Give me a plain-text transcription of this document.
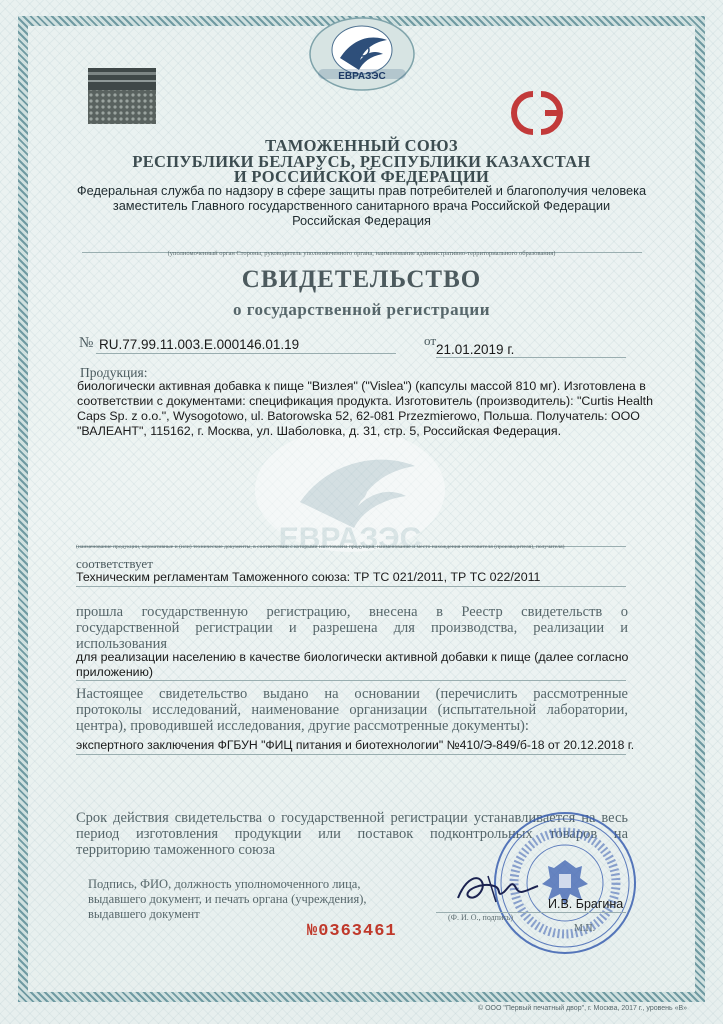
ЕВРАЗЭС
ТАМОЖЕННЫЙ СОЮЗ
РЕСПУБЛИКИ БЕЛАРУСЬ, РЕСПУБЛИКИ КАЗАХСТАН
И РОССИЙСКОЙ ФЕДЕРАЦИИ
Федеральная служба по надзору в сфере защиты прав потребителей и благополучия человека
заместитель Главного государственного санитарного врача Российской Федерации
Российская Федерация
(уполномоченный орган Стороны, руководитель уполномоченного органа, наименование административно-территориального образования)
СВИДЕТЕЛЬСТВО
о государственной регистрации
№ RU.77.99.11.003.E.000146.01.19	от
21.01.2019 г.
ЕВРАЗЭС
Продукция:
биологически активная добавка к пище "Визлея" ("Vislea") (капсулы массой 810 мг). Изготовлена в
соответствии с документами: спецификация продукта. Изготовитель (производитель): "Curtis Health
Caps Sp. z o.o.", Wysogotowo, ul. Batorowska 52, 62-081 Przezmierowo, Польша. Получатель: ООО
"ВАЛЕАНТ", 115162, г. Москва, ул. Шаболовка, д. 31, стр. 5, Российская Федерация.
(наименование продукции, нормативные и (или) технические документы, в соответствии с которыми изготовлена продукция, наименование и место нахождения изготовителя (производителя), получателя)
соответствует
Техническим регламентам Таможенного союза: ТР ТС 021/2011, ТР ТС 022/2011
прошла государственную регистрацию, внесена в Реестр свидетельств о
государственной регистрации и разрешена для производства, реализации и
использования
для реализации населению в качестве биологически активной добавки к пище (далее согласно
приложению)
Настоящее свидетельство выдано на основании (перечислить рассмотренные
протоколы исследований, наименование организации (испытательной лаборатории,
центра), проводившей исследования, другие рассмотренные документы):
экспертного заключения ФГБУН "ФИЦ питания и биотехнологии" №410/Э-849/б-18 от 20.12.2018 г.
Срок действия свидетельства о государственной регистрации устанавливается на весь
период изготовления продукции или поставок подконтрольных товаров на
территорию таможенного союза
Подпись, ФИО, должность уполномоченного лица,
выдавшего документ, и печать органа (учреждения),
выдавшего документ
И.В. Брагина
(Ф. И. О., подпись)
М.П.
№0363461
© ООО "Первый печатный двор", г. Москва, 2017 г., уровень «В»
